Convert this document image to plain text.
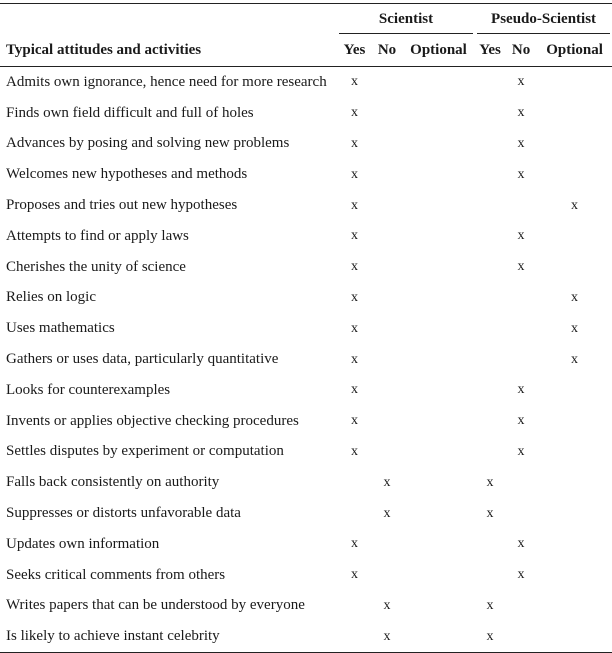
	Scientist			Pseudo-Scientist		

Typical attitudes and activities	Yes	No	Optional	Yes	No	Optional
Admits own ignorance, hence need for more research	x				x	
Finds own field difficult and full of holes	x				x	
Advances by posing and solving new problems	x				x	
Welcomes new hypotheses and methods	x				x	
Proposes and tries out new hypotheses	x					x
Attempts to find or apply laws	x				x	
Cherishes the unity of science	x				x	
Relies on logic	x					x
Uses mathematics	x					x
Gathers or uses data, particularly quantitative	x					x
Looks for counterexamples	x				x	
Invents or applies objective checking procedures	x				x	
Settles disputes by experiment or computation	x				x	
Falls back consistently on authority		x		x		
Suppresses or distorts unfavorable data		x		x		
Updates own information	x				x	
Seeks critical comments from others	x				x	
Writes papers that can be understood by everyone		x		x		
Is likely to achieve instant celebrity		x		x		
